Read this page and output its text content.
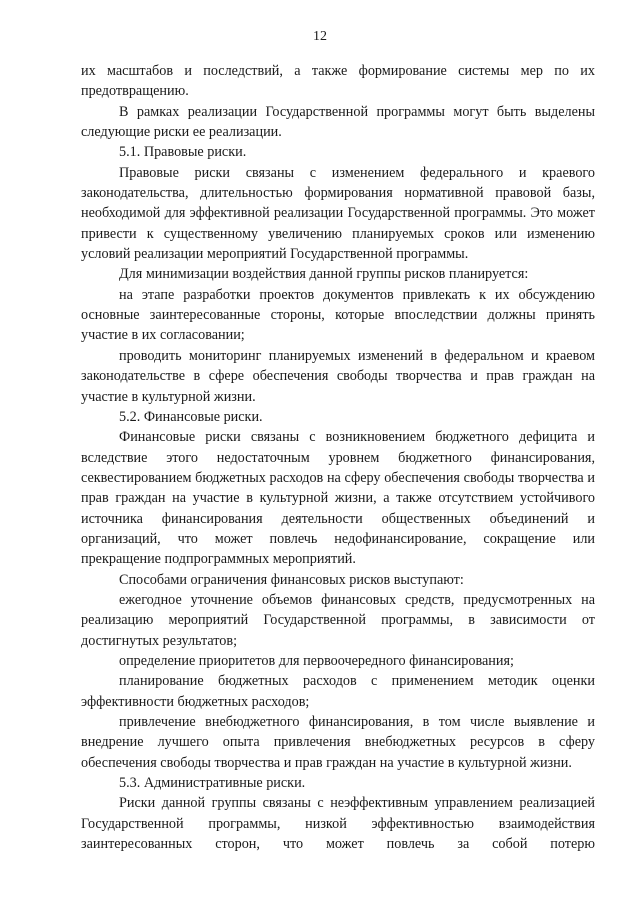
12

их масштабов и последствий, а также формирование системы мер по их предотвращению.

В рамках реализации Государственной программы могут быть выделены следующие риски ее реализации.

5.1. Правовые риски.

Правовые риски связаны с изменением федерального и краевого законодательства, длительностью формирования нормативной правовой базы, необходимой для эффективной реализации Государственной программы. Это может привести к существенному увеличению планируемых сроков или изменению условий реализации мероприятий Государственной программы.

Для минимизации воздействия данной группы рисков планируется:

на этапе разработки проектов документов привлекать к их обсуждению основные заинтересованные стороны, которые впоследствии должны принять участие в их согласовании;

проводить мониторинг планируемых изменений в федеральном и краевом законодательстве в сфере обеспечения свободы творчества и прав граждан на участие в культурной жизни.

5.2. Финансовые риски.

Финансовые риски связаны с возникновением бюджетного дефицита и вследствие этого недостаточным уровнем бюджетного финансирования, секвестированием бюджетных расходов на сферу обеспечения свободы творчества и прав граждан на участие в культурной жизни, а также отсутствием устойчивого источника финансирования деятельности общественных объединений и организаций, что может повлечь недофинансирование, сокращение или прекращение подпрограммных мероприятий.

Способами ограничения финансовых рисков выступают:

ежегодное уточнение объемов финансовых средств, предусмотренных на реализацию мероприятий Государственной программы, в зависимости от достигнутых результатов;

определение приоритетов для первоочередного финансирования;

планирование бюджетных расходов с применением методик оценки эффективности бюджетных расходов;

привлечение внебюджетного финансирования, в том числе выявление и внедрение лучшего опыта привлечения внебюджетных ресурсов в сферу обеспечения свободы творчества и прав граждан на участие в культурной жизни.

5.3. Административные риски.

Риски данной группы связаны с неэффективным управлением реализацией Государственной программы, низкой эффективностью взаимодействия заинтересованных сторон, что может повлечь за собой потерю
